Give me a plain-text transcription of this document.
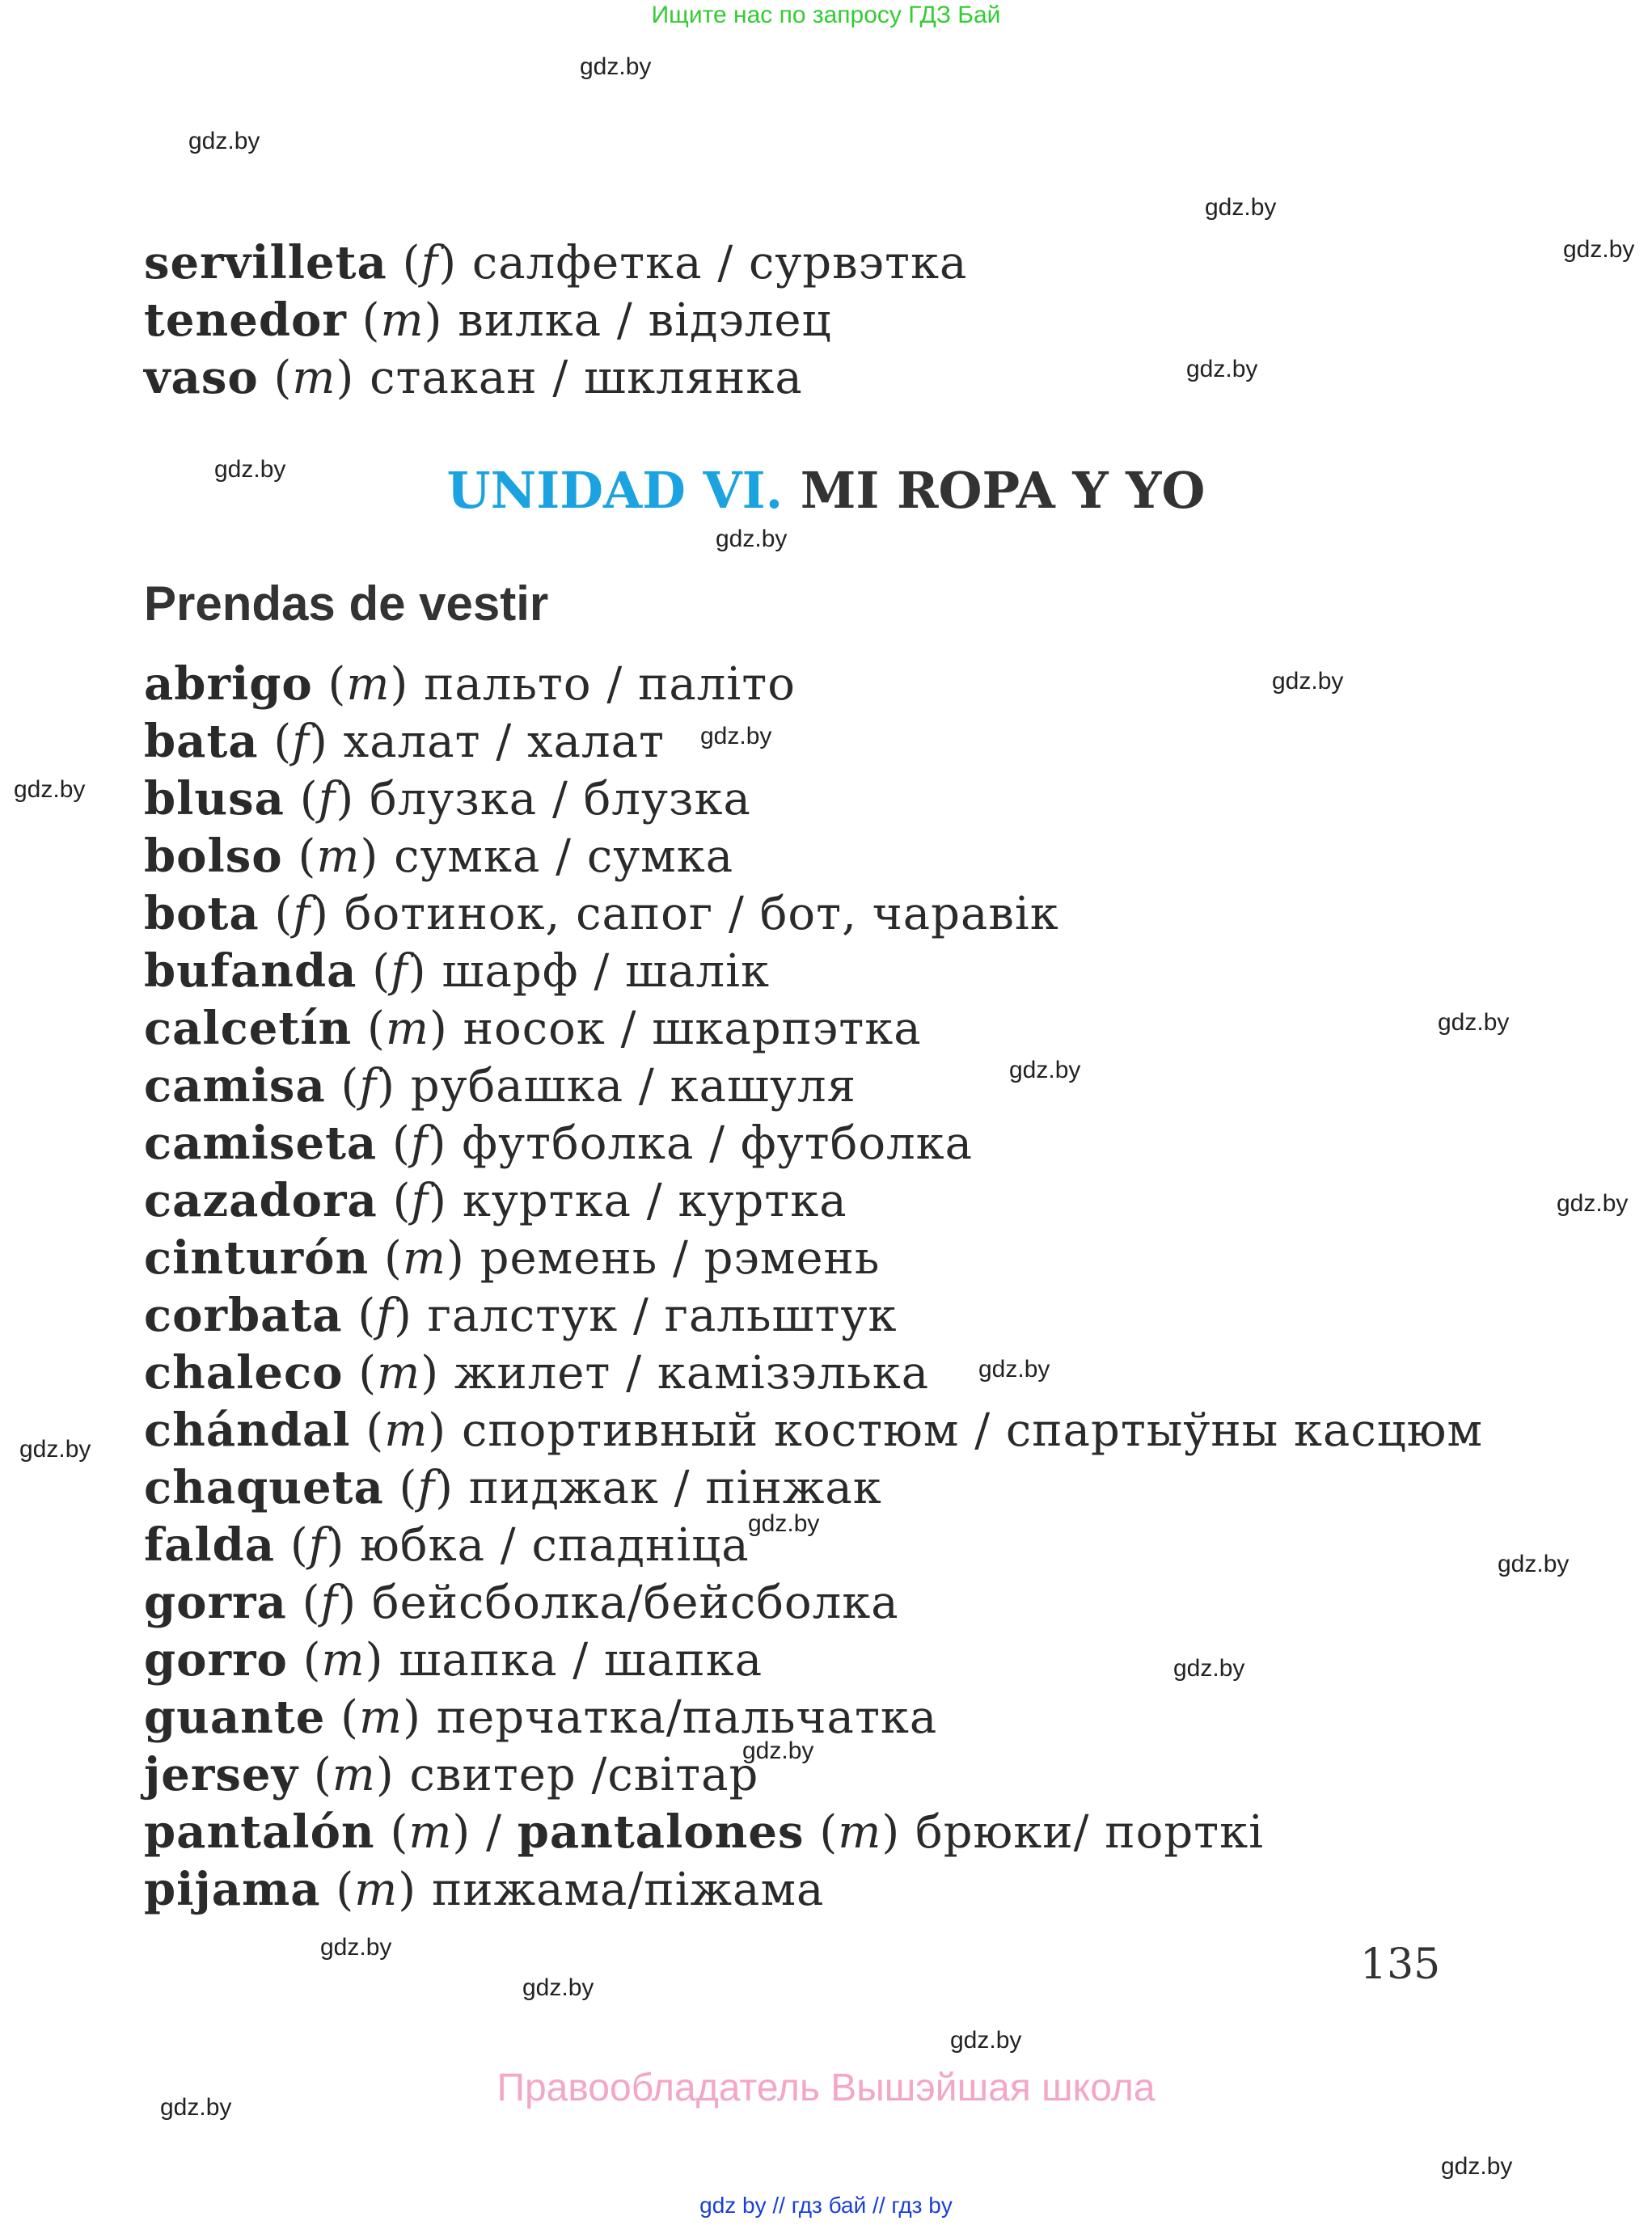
Ищите нас по запросу ГДЗ Бай
gdz.by
gdz.by
gdz.by
gdz.by
gdz.by
gdz.by
gdz.by
gdz.by
gdz.by
gdz.by
gdz.by
gdz.by
gdz.by
gdz.by
gdz.by
gdz.by
gdz.by
gdz.by
gdz.by
gdz.by
gdz.by
gdz.by
gdz.by
gdz.by
servilleta (f) салфетка / сурвэтка
tenedor (m) вилка / відэлец
vaso (m) стакан / шклянка
UNIDAD VI. MI ROPA Y YO
Prendas de vestir
abrigo (m) пальто / паліто
bata (f) халат / халат
blusa (f) блузка / блузка
bolso (m) сумка / сумка
bota (f) ботинок, сапог / бот, чаравік
bufanda (f) шарф / шалік
calcetín (m) носок / шкарпэтка
camisa (f) рубашка / кашуля
camiseta (f) футболка / футболка
cazadora (f) куртка / куртка
cinturón (m) ремень / рэмень
corbata (f) галстук / гальштук
chaleco (m) жилет / камізэлька
chándal (m) спортивный костюм / спартыўны касцюм
chaqueta (f) пиджак / пінжак
falda (f) юбка / спадніца
gorra (f) бейсболка/бейсболка
gorro (m) шапка / шапка
guante (m) перчатка/пальчатка
jersey (m) свитер /світар
pantalón (m) / pantalones (m) брюки/ порткі
pijama (m) пижама/піжама
135
Правообладатель Вышэйшая школа
gdz by // гдз бай // гдз by
